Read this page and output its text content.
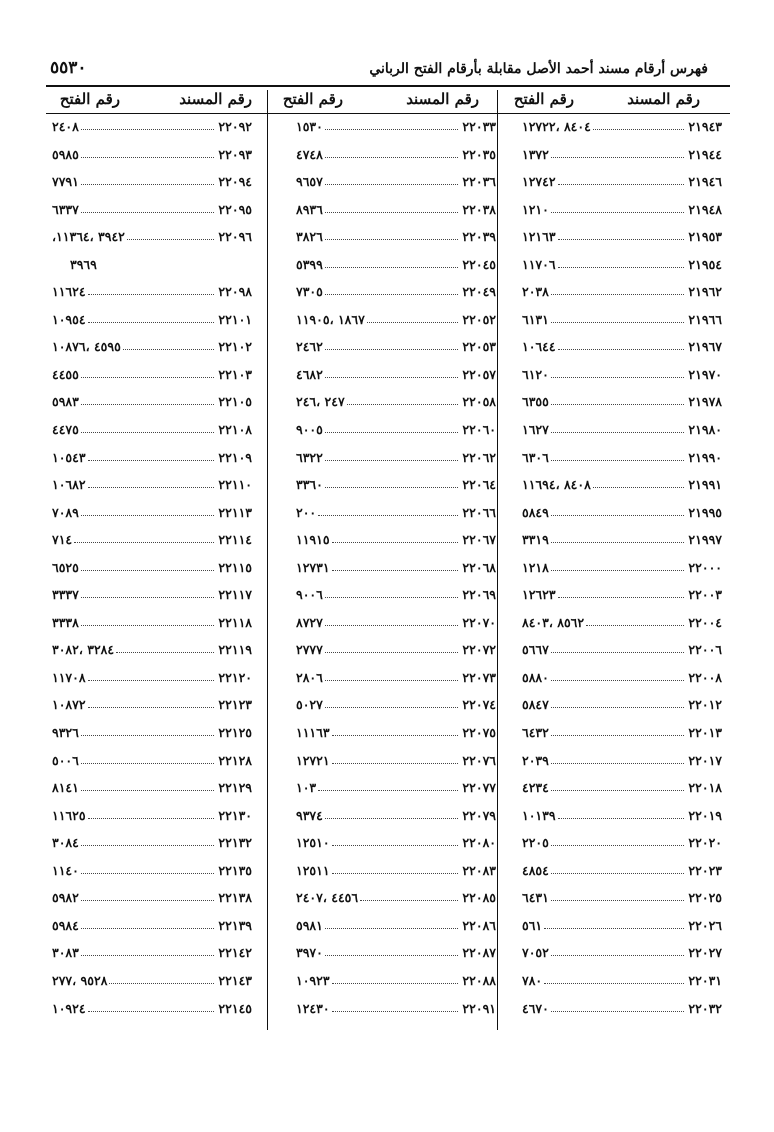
٥٥٣٠	فهرس أرقام مسند أحمد الأصل مقابلة بأرقام الفتح الرباني
رقم المسند
رقم الفتح
رقم المسند
رقم الفتح
رقم المسند
رقم الفتح
٢١٩٤٣
٨٤٠٤ ،١٢٧٢٢
٢١٩٤٤
١٣٧٢
٢١٩٤٦
١٢٧٤٢
٢١٩٤٨
١٢١٠
٢١٩٥٣
١٢١٦٣
٢١٩٥٤
١١٧٠٦
٢١٩٦٢
٢٠٣٨
٢١٩٦٦
٦١٣١
٢١٩٦٧
١٠٦٤٤
٢١٩٧٠
٦١٢٠
٢١٩٧٨
٦٣٥٥
٢١٩٨٠
١٦٢٧
٢١٩٩٠
٦٣٠٦
٢١٩٩١
٨٤٠٨ ،١١٦٩٤
٢١٩٩٥
٥٨٤٩
٢١٩٩٧
٣٣١٩
٢٢٠٠٠
١٢١٨
٢٢٠٠٣
١٢٦٢٣
٢٢٠٠٤
٨٥٦٢ ،٨٤٠٣
٢٢٠٠٦
٥٦٦٧
٢٢٠٠٨
٥٨٨٠
٢٢٠١٢
٥٨٤٧
٢٢٠١٣
٦٤٣٢
٢٢٠١٧
٢٠٣٩
٢٢٠١٨
٤٢٣٤
٢٢٠١٩
١٠١٣٩
٢٢٠٢٠
٢٢٠٥
٢٢٠٢٣
٤٨٥٤
٢٢٠٢٥
٦٤٣١
٢٢٠٢٦
٥٦١
٢٢٠٢٧
٧٠٥٢
٢٢٠٣١
٧٨٠
٢٢٠٣٢
٤٦٧٠
٢٢٠٣٣
١٥٣٠
٢٢٠٣٥
٤٧٤٨
٢٢٠٣٦
٩٦٥٧
٢٢٠٣٨
٨٩٣٦
٢٢٠٣٩
٣٨٢٦
٢٢٠٤٥
٥٣٩٩
٢٢٠٤٩
٧٣٠٥
٢٢٠٥٢
١٨٦٧ ،١١٩٠٥
٢٢٠٥٣
٢٤٦٢
٢٢٠٥٧
٤٦٨٢
٢٢٠٥٨
٢٤٧ ،٢٤٦
٢٢٠٦٠
٩٠٠٥
٢٢٠٦٢
٦٣٢٢
٢٢٠٦٤
٣٣٦٠
٢٢٠٦٦
٢٠٠
٢٢٠٦٧
١١٩١٥
٢٢٠٦٨
١٢٧٣١
٢٢٠٦٩
٩٠٠٦
٢٢٠٧٠
٨٧٢٧
٢٢٠٧٢
٢٧٧٧
٢٢٠٧٣
٢٨٠٦
٢٢٠٧٤
٥٠٢٧
٢٢٠٧٥
١١١٦٣
٢٢٠٧٦
١٢٧٢١
٢٢٠٧٧
١٠٣
٢٢٠٧٩
٩٣٧٤
٢٢٠٨٠
١٢٥١٠
٢٢٠٨٣
١٢٥١١
٢٢٠٨٥
٤٤٥٦ ،٢٤٠٧
٢٢٠٨٦
٥٩٨١
٢٢٠٨٧
٣٩٧٠
٢٢٠٨٨
١٠٩٢٣
٢٢٠٩١
١٢٤٣٠
٢٢٠٩٢
٢٤٠٨
٢٢٠٩٣
٥٩٨٥
٢٢٠٩٤
٧٧٩١
٢٢٠٩٥
٦٣٣٧
٢٢٠٩٦
٣٩٤٢ ،١١٣٦٤،
٣٩٦٩
٢٢٠٩٨
١١٦٢٤
٢٢١٠١
١٠٩٥٤
٢٢١٠٢
٤٥٩٥ ،١٠٨٧٦
٢٢١٠٣
٤٤٥٥
٢٢١٠٥
٥٩٨٣
٢٢١٠٨
٤٤٧٥
٢٢١٠٩
١٠٥٤٣
٢٢١١٠
١٠٦٨٢
٢٢١١٣
٧٠٨٩
٢٢١١٤
٧١٤
٢٢١١٥
٦٥٢٥
٢٢١١٧
٣٣٣٧
٢٢١١٨
٣٣٣٨
٢٢١١٩
٣٢٨٤ ،٣٠٨٢
٢٢١٢٠
١١٧٠٨
٢٢١٢٣
١٠٨٧٢
٢٢١٢٥
٩٣٢٦
٢٢١٢٨
٥٠٠٦
٢٢١٢٩
٨١٤١
٢٢١٣٠
١١٦٢٥
٢٢١٣٢
٣٠٨٤
٢٢١٣٥
١١٤٠
٢٢١٣٨
٥٩٨٢
٢٢١٣٩
٥٩٨٤
٢٢١٤٢
٣٠٨٣
٢٢١٤٣
٩٥٢٨ ،٢٧٧
٢٢١٤٥
١٠٩٢٤
